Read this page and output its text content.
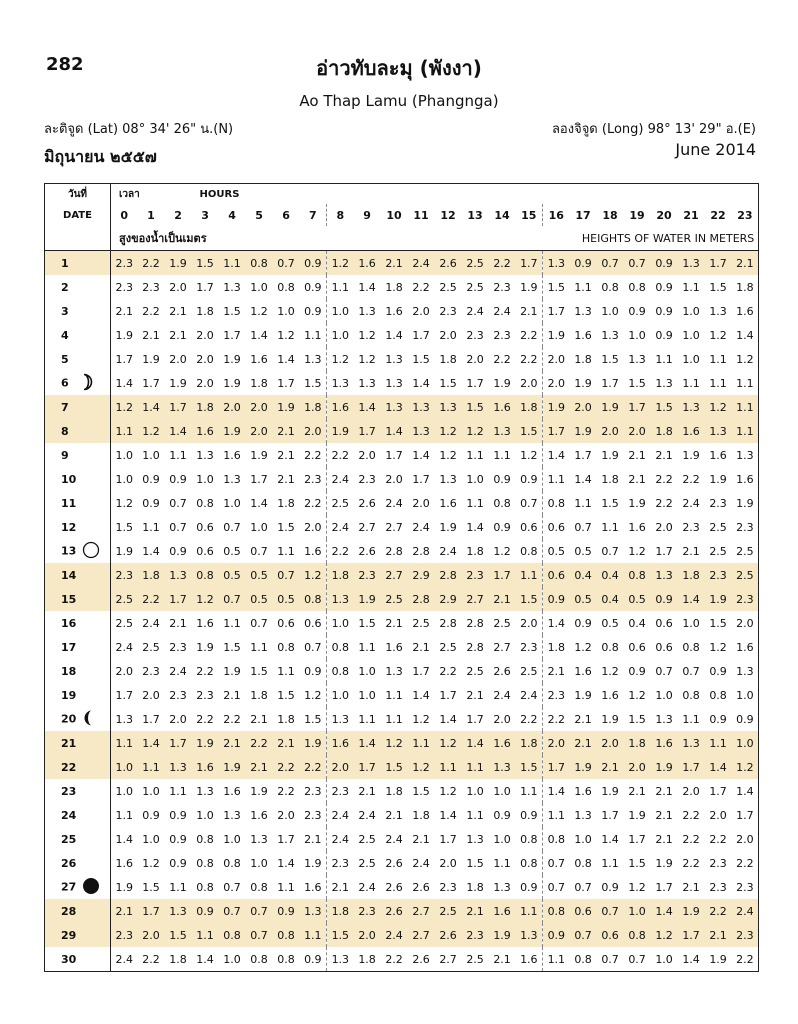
282	อ่าวทับละมุ (พังงา)
Ao Thap Lamu (Phangnga)
ละติจูด (Lat) 08° 34' 26" น.(N)	ลองจิจูด (Long) 98° 13' 29" อ.(E)
มิถุนายน ๒๕๕๗	June 2014
วันที่	เวลา			HOURS																				
DATE	0	1	2	3	4	5	6	7	8	9	10	11	12	13	14	15	16	17	18	19	20	21	22	23
	สูงของน้ำเป็นเมตร												HEIGHTS OF WATER IN METERS											
1	2.3	2.2	1.9	1.5	1.1	0.8	0.7	0.9	1.2	1.6	2.1	2.4	2.6	2.5	2.2	1.7	1.3	0.9	0.7	0.7	0.9	1.3	1.7	2.1
2	2.3	2.3	2.0	1.7	1.3	1.0	0.8	0.9	1.1	1.4	1.8	2.2	2.5	2.5	2.3	1.9	1.5	1.1	0.8	0.8	0.9	1.1	1.5	1.8
3	2.1	2.2	2.1	1.8	1.5	1.2	1.0	0.9	1.0	1.3	1.6	2.0	2.3	2.4	2.4	2.1	1.7	1.3	1.0	0.9	0.9	1.0	1.3	1.6
4	1.9	2.1	2.1	2.0	1.7	1.4	1.2	1.1	1.0	1.2	1.4	1.7	2.0	2.3	2.3	2.2	1.9	1.6	1.3	1.0	0.9	1.0	1.2	1.4
5	1.7	1.9	2.0	2.0	1.9	1.6	1.4	1.3	1.2	1.2	1.3	1.5	1.8	2.0	2.2	2.2	2.0	1.8	1.5	1.3	1.1	1.0	1.1	1.2
6	1.4	1.7	1.9	2.0	1.9	1.8	1.7	1.5	1.3	1.3	1.3	1.4	1.5	1.7	1.9	2.0	2.0	1.9	1.7	1.5	1.3	1.1	1.1	1.1
7	1.2	1.4	1.7	1.8	2.0	2.0	1.9	1.8	1.6	1.4	1.3	1.3	1.3	1.5	1.6	1.8	1.9	2.0	1.9	1.7	1.5	1.3	1.2	1.1
8	1.1	1.2	1.4	1.6	1.9	2.0	2.1	2.0	1.9	1.7	1.4	1.3	1.2	1.2	1.3	1.5	1.7	1.9	2.0	2.0	1.8	1.6	1.3	1.1
9	1.0	1.0	1.1	1.3	1.6	1.9	2.1	2.2	2.2	2.0	1.7	1.4	1.2	1.1	1.1	1.2	1.4	1.7	1.9	2.1	2.1	1.9	1.6	1.3
10	1.0	0.9	0.9	1.0	1.3	1.7	2.1	2.3	2.4	2.3	2.0	1.7	1.3	1.0	0.9	0.9	1.1	1.4	1.8	2.1	2.2	2.2	1.9	1.6
11	1.2	0.9	0.7	0.8	1.0	1.4	1.8	2.2	2.5	2.6	2.4	2.0	1.6	1.1	0.8	0.7	0.8	1.1	1.5	1.9	2.2	2.4	2.3	1.9
12	1.5	1.1	0.7	0.6	0.7	1.0	1.5	2.0	2.4	2.7	2.7	2.4	1.9	1.4	0.9	0.6	0.6	0.7	1.1	1.6	2.0	2.3	2.5	2.3
13	1.9	1.4	0.9	0.6	0.5	0.7	1.1	1.6	2.2	2.6	2.8	2.8	2.4	1.8	1.2	0.8	0.5	0.5	0.7	1.2	1.7	2.1	2.5	2.5
14	2.3	1.8	1.3	0.8	0.5	0.5	0.7	1.2	1.8	2.3	2.7	2.9	2.8	2.3	1.7	1.1	0.6	0.4	0.4	0.8	1.3	1.8	2.3	2.5
15	2.5	2.2	1.7	1.2	0.7	0.5	0.5	0.8	1.3	1.9	2.5	2.8	2.9	2.7	2.1	1.5	0.9	0.5	0.4	0.5	0.9	1.4	1.9	2.3
16	2.5	2.4	2.1	1.6	1.1	0.7	0.6	0.6	1.0	1.5	2.1	2.5	2.8	2.8	2.5	2.0	1.4	0.9	0.5	0.4	0.6	1.0	1.5	2.0
17	2.4	2.5	2.3	1.9	1.5	1.1	0.8	0.7	0.8	1.1	1.6	2.1	2.5	2.8	2.7	2.3	1.8	1.2	0.8	0.6	0.6	0.8	1.2	1.6
18	2.0	2.3	2.4	2.2	1.9	1.5	1.1	0.9	0.8	1.0	1.3	1.7	2.2	2.5	2.6	2.5	2.1	1.6	1.2	0.9	0.7	0.7	0.9	1.3
19	1.7	2.0	2.3	2.3	2.1	1.8	1.5	1.2	1.0	1.0	1.1	1.4	1.7	2.1	2.4	2.4	2.3	1.9	1.6	1.2	1.0	0.8	0.8	1.0
20	1.3	1.7	2.0	2.2	2.2	2.1	1.8	1.5	1.3	1.1	1.1	1.2	1.4	1.7	2.0	2.2	2.2	2.1	1.9	1.5	1.3	1.1	0.9	0.9
21	1.1	1.4	1.7	1.9	2.1	2.2	2.1	1.9	1.6	1.4	1.2	1.1	1.2	1.4	1.6	1.8	2.0	2.1	2.0	1.8	1.6	1.3	1.1	1.0
22	1.0	1.1	1.3	1.6	1.9	2.1	2.2	2.2	2.0	1.7	1.5	1.2	1.1	1.1	1.3	1.5	1.7	1.9	2.1	2.0	1.9	1.7	1.4	1.2
23	1.0	1.0	1.1	1.3	1.6	1.9	2.2	2.3	2.3	2.1	1.8	1.5	1.2	1.0	1.0	1.1	1.4	1.6	1.9	2.1	2.1	2.0	1.7	1.4
24	1.1	0.9	0.9	1.0	1.3	1.6	2.0	2.3	2.4	2.4	2.1	1.8	1.4	1.1	0.9	0.9	1.1	1.3	1.7	1.9	2.1	2.2	2.0	1.7
25	1.4	1.0	0.9	0.8	1.0	1.3	1.7	2.1	2.4	2.5	2.4	2.1	1.7	1.3	1.0	0.8	0.8	1.0	1.4	1.7	2.1	2.2	2.2	2.0
26	1.6	1.2	0.9	0.8	0.8	1.0	1.4	1.9	2.3	2.5	2.6	2.4	2.0	1.5	1.1	0.8	0.7	0.8	1.1	1.5	1.9	2.2	2.3	2.2
27	1.9	1.5	1.1	0.8	0.7	0.8	1.1	1.6	2.1	2.4	2.6	2.6	2.3	1.8	1.3	0.9	0.7	0.7	0.9	1.2	1.7	2.1	2.3	2.3
28	2.1	1.7	1.3	0.9	0.7	0.7	0.9	1.3	1.8	2.3	2.6	2.7	2.5	2.1	1.6	1.1	0.8	0.6	0.7	1.0	1.4	1.9	2.2	2.4
29	2.3	2.0	1.5	1.1	0.8	0.7	0.8	1.1	1.5	2.0	2.4	2.7	2.6	2.3	1.9	1.3	0.9	0.7	0.6	0.8	1.2	1.7	2.1	2.3
30	2.4	2.2	1.8	1.4	1.0	0.8	0.8	0.9	1.3	1.8	2.2	2.6	2.7	2.5	2.1	1.6	1.1	0.8	0.7	0.7	1.0	1.4	1.9	2.2
